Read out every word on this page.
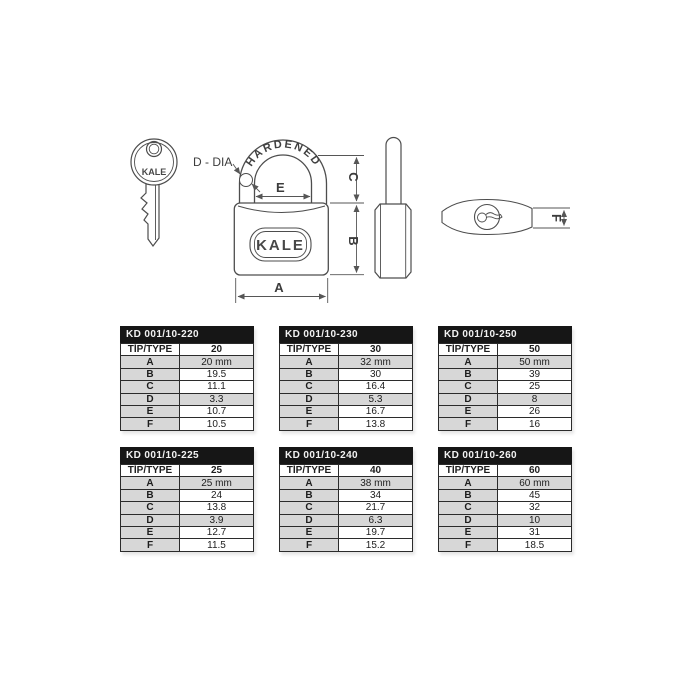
KALE
HARDENED
KALE
D - DIA
E
C
B
A
F
KD 001/10-220
TİP/TYPE	20
A	20 mm
B	19.5
C	11.1
D	3.3
E	10.7
F	10.5
KD 001/10-230
TİP/TYPE	30
A	32 mm
B	30
C	16.4
D	5.3
E	16.7
F	13.8
KD 001/10-250
TİP/TYPE	50
A	50 mm
B	39
C	25
D	8
E	26
F	16
KD 001/10-225
TİP/TYPE	25
A	25 mm
B	24
C	13.8
D	3.9
E	12.7
F	11.5
KD 001/10-240
TİP/TYPE	40
A	38 mm
B	34
C	21.7
D	6.3
E	19.7
F	15.2
KD 001/10-260
TİP/TYPE	60
A	60 mm
B	45
C	32
D	10
E	31
F	18.5
